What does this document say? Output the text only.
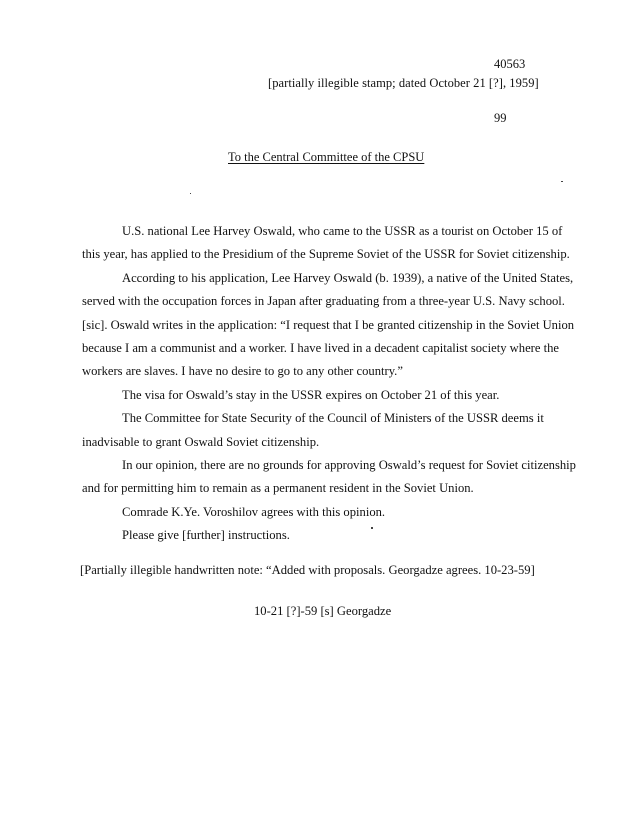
40563
[partially illegible stamp; dated October 21 [?], 1959]
99
To the Central Committee of the CPSU
U.S. national Lee Harvey Oswald, who came to the USSR as a tourist on October 15 of
this year, has applied to the Presidium of the Supreme Soviet of the USSR for Soviet citizenship.
According to his application, Lee Harvey Oswald (b. 1939), a native of the United States,
served with the occupation forces in Japan after graduating from a three-year U.S. Navy school.
[sic]. Oswald writes in the application: “I request that I be granted citizenship in the Soviet Union
because I am a communist and a worker. I have lived in a decadent capitalist society where the
workers are slaves. I have no desire to go to any other country.”
The visa for Oswald’s stay in the USSR expires on October 21 of this year.
The Committee for State Security of the Council of Ministers of the USSR deems it
inadvisable to grant Oswald Soviet citizenship.
In our opinion, there are no grounds for approving Oswald’s request for Soviet citizenship
and for permitting him to remain as a permanent resident in the Soviet Union.
Comrade K.Ye. Voroshilov agrees with this opinion.
Please give [further] instructions.
[Partially illegible handwritten note: “Added with proposals. Georgadze agrees. 10-23-59]
10-21 [?]-59 [s] Georgadze
